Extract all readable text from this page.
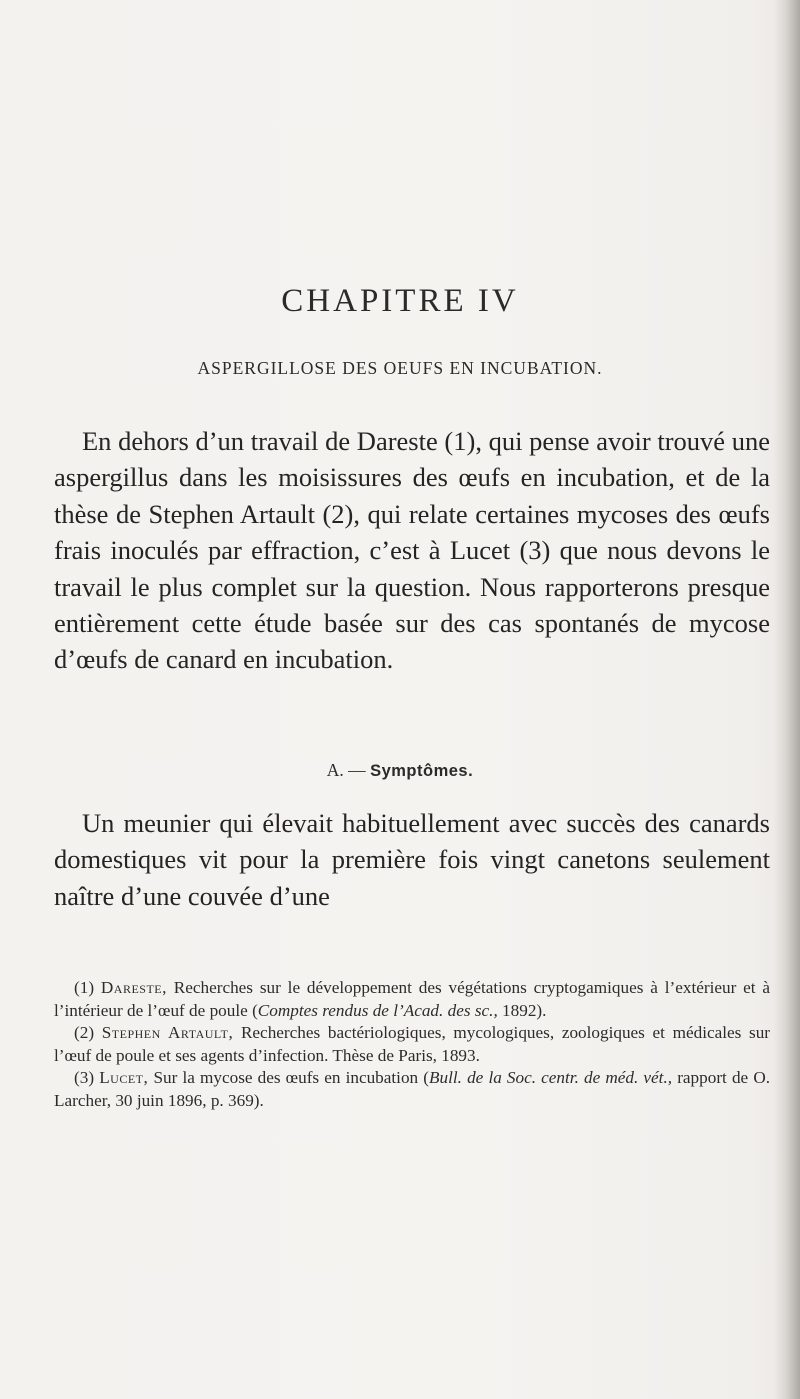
CHAPITRE IV
ASPERGILLOSE DES OEUFS EN INCUBATION.

En dehors d’un travail de Dareste (1), qui pense avoir trouvé une aspergillus dans les moisissures des œufs en incubation, et de la thèse de Stephen Artault (2), qui relate certaines mycoses des œufs frais inoculés par effraction, c’est à Lucet (3) que nous devons le travail le plus complet sur la question. Nous rapporterons presque entièrement cette étude basée sur des cas spontanés de mycose d’œufs de canard en incubation.

A. — Symptômes.

Un meunier qui élevait habituellement avec succès des canards domestiques vit pour la première fois vingt canetons seulement naître d’une couvée d’une

(1) Dareste, Recherches sur le développement des végétations cryptogamiques à l’extérieur et à l’intérieur de l’œuf de poule (Comptes rendus de l’Acad. des sc., 1892).

(2) Stephen Artault, Recherches bactériologiques, mycologiques, zoologiques et médicales sur l’œuf de poule et ses agents d’infection. Thèse de Paris, 1893.

(3) Lucet, Sur la mycose des œufs en incubation (Bull. de la Soc. centr. de méd. vét., rapport de O. Larcher, 30 juin 1896, p. 369).
